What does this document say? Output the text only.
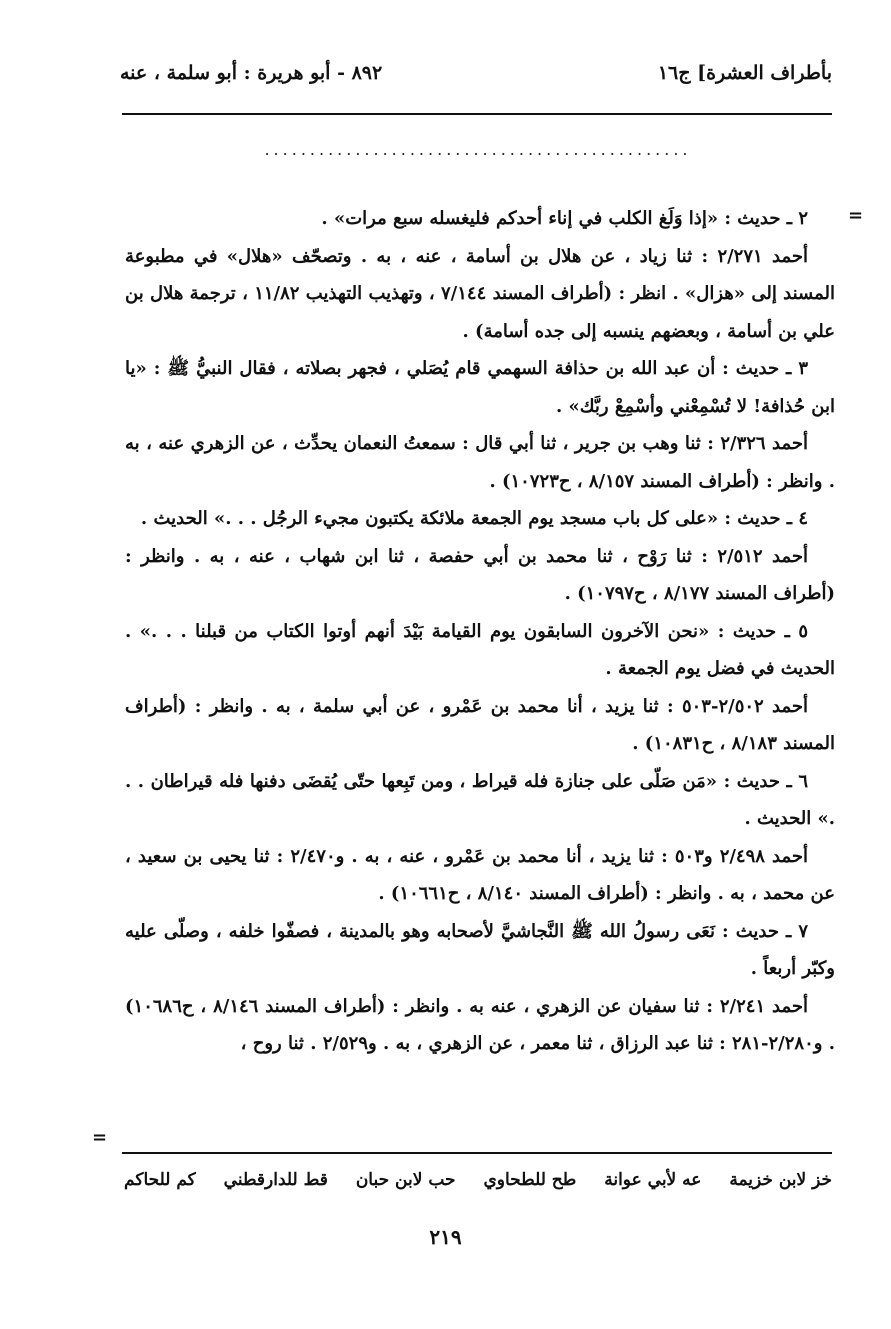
بأطراف العشرة] ج١٦
٨٩٢ - أبو هريرة : أبو سلمة ، عنه
...............................................
=
=

٢ ـ حديث : «إذا وَلَغ الكلب في إناء أحدكم فليغسله سبع مرات» .

أحمد ٢/٢٧١ : ثنا زياد ، عن هلال بن أسامة ، عنه ، به . وتصحّف «هلال» في مطبوعة المسند إلى «هزال» . انظر : (أطراف المسند ٧/١٤٤ ، وتهذيب التهذيب ١١/٨٢ ، ترجمة هلال بن علي بن أسامة ، وبعضهم ينسبه إلى جده أسامة) .

٣ ـ حديث : أن عبد الله بن حذافة السهمي قام يُصَلي ، فجهر بصلاته ، فقال النبيُّ ﷺ : «يا ابن حُذافة! لا تُسْمِعْني وأسْمِعْ ربَّك» .

أحمد ٢/٣٢٦ : ثنا وهب بن جرير ، ثنا أبي قال : سمعتُ النعمان يحدِّث ، عن الزهري عنه ، به . وانظر : (أطراف المسند ٨/١٥٧ ، ح١٠٧٢٣) .

٤ ـ حديث : «على كل باب مسجد يوم الجمعة ملائكة يكتبون مجيء الرجُل . . .» الحديث .

أحمد ٢/٥١٢ : ثنا رَوْح ، ثنا محمد بن أبي حفصة ، ثنا ابن شهاب ، عنه ، به . وانظر : (أطراف المسند ٨/١٧٧ ، ح١٠٧٩٧) .

٥ ـ حديث : «نحن الآخرون السابقون يوم القيامة بَيْدَ أنهم أوتوا الكتاب من قبلنا . . .» . الحديث في فضل يوم الجمعة .

أحمد ٢/٥٠٢-٥٠٣ : ثنا يزيد ، أنا محمد بن عَمْرو ، عن أبي سلمة ، به . وانظر : (أطراف المسند ٨/١٨٣ ، ح١٠٨٣١) .

٦ ـ حديث : «مَن صَلّى على جنازة فله قيراط ، ومن تَبِعها حتّى يُقضَى دفنها فله قيراطان . . .» الحديث .

أحمد ٢/٤٩٨ و٥٠٣ : ثنا يزيد ، أنا محمد بن عَمْرو ، عنه ، به . و٢/٤٧٠ : ثنا يحيى بن سعيد ، عن محمد ، به . وانظر : (أطراف المسند ٨/١٤٠ ، ح١٠٦٦١) .

٧ ـ حديث : نَعَى رسولُ الله ﷺ النَّجاشيَّ لأصحابه وهو بالمدينة ، فصفّوا خلفه ، وصلّى عليه وكبّر أربعاً .

أحمد ٢/٢٤١ : ثنا سفيان عن الزهري ، عنه به . وانظر : (أطراف المسند ٨/١٤٦ ، ح١٠٦٨٦) . و٢/٢٨٠-٢٨١ : ثنا عبد الرزاق ، ثنا معمر ، عن الزهري ، به . و٢/٥٢٩ . ثنا روح ،

خز لابن خزيمة عه لأبي عوانة طح للطحاوي حب لابن حبان قط للدارقطني كم للحاكم
٢١٩
